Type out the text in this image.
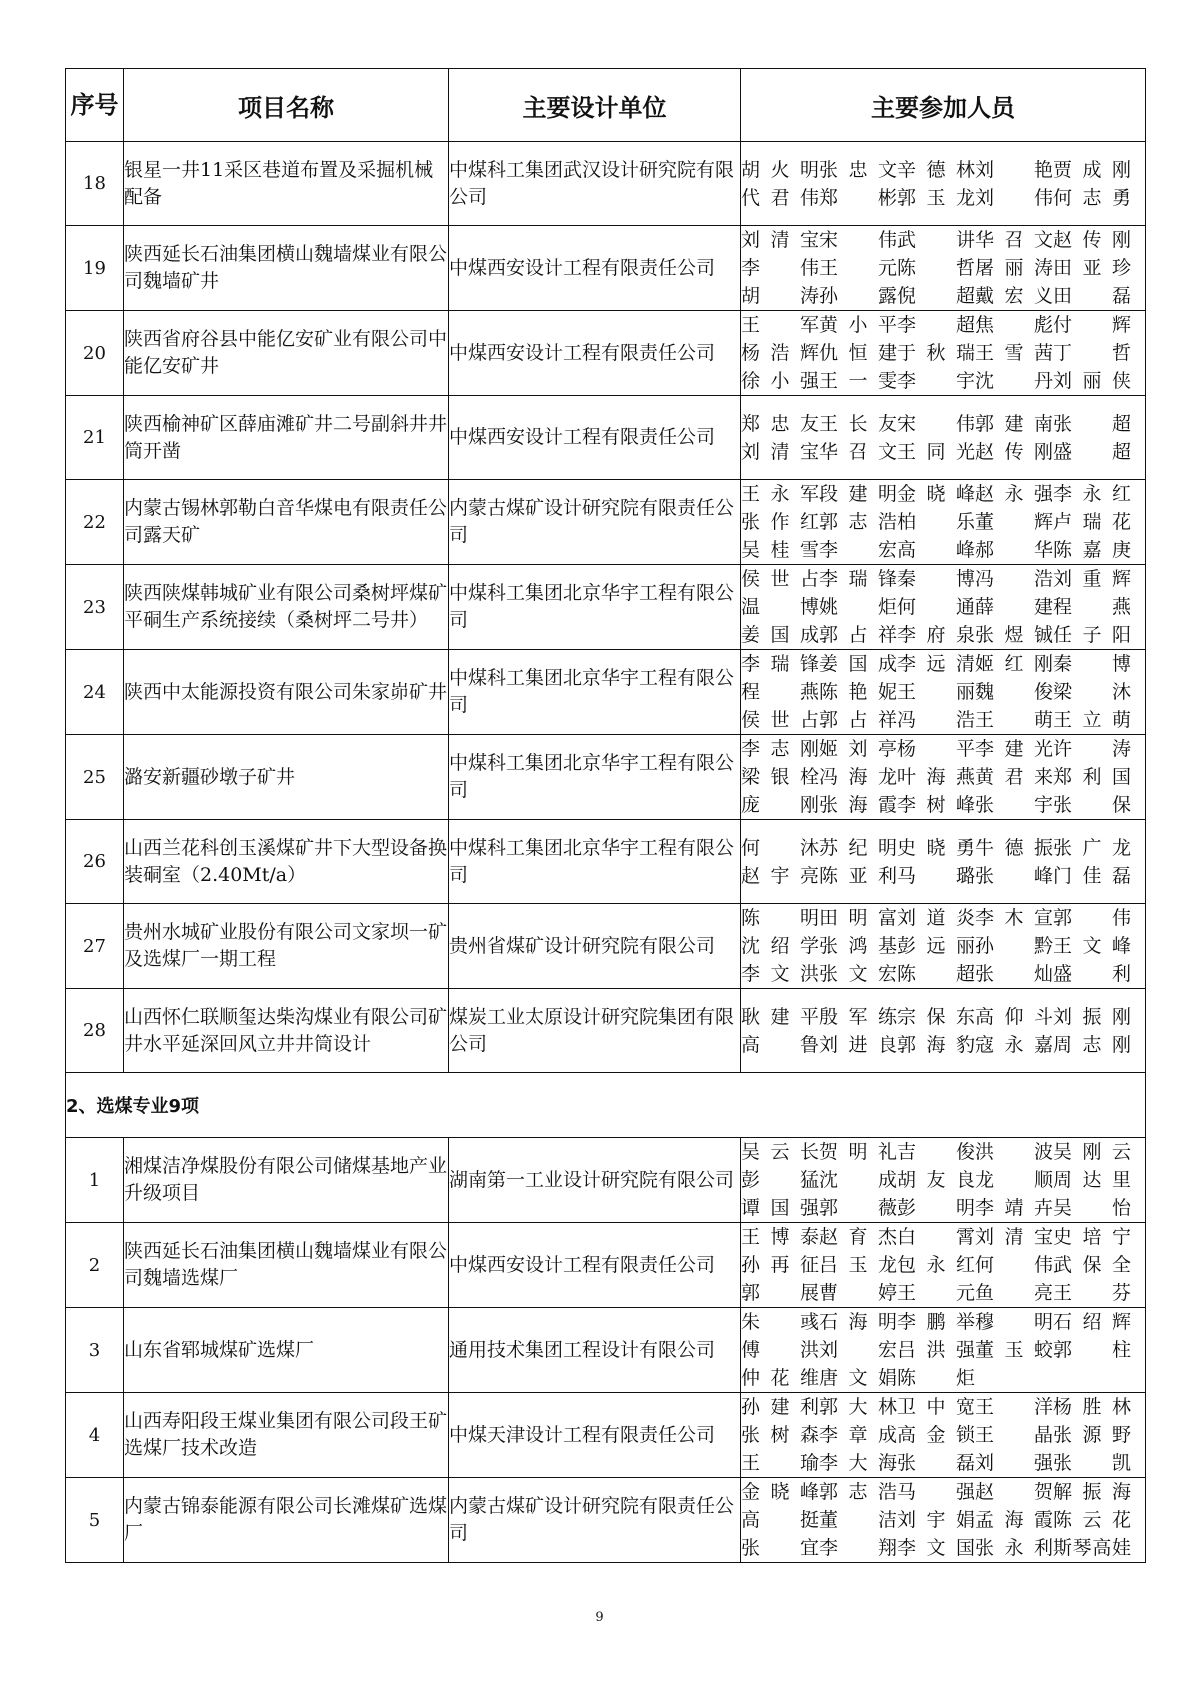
序号	项目名称	主要设计单位	主要参加人员
18	银星一井11采区巷道布置及采掘机械配备	中煤科工集团武汉设计研究院有限公司	胡火明张忠文辛德林刘艳贾成刚代君伟郑彬郭玉龙刘伟何志勇
19	陕西延长石油集团横山魏墙煤业有限公司魏墙矿井	中煤西安设计工程有限责任公司	刘清宝宋伟武讲华召文赵传刚李伟王元陈哲屠丽涛田亚珍胡涛孙露倪超戴宏义田磊
20	陕西省府谷县中能亿安矿业有限公司中能亿安矿井	中煤西安设计工程有限责任公司	王军黄小平李超焦彪付辉杨浩辉仇恒建于秋瑞王雪茜丁哲徐小强王一雯李宇沈丹刘丽侠
21	陕西榆神矿区薛庙滩矿井二号副斜井井筒开凿	中煤西安设计工程有限责任公司	郑忠友王长友宋伟郭建南张超刘清宝华召文王同光赵传刚盛超
22	内蒙古锡林郭勒白音华煤电有限责任公司露天矿	内蒙古煤矿设计研究院有限责任公司	王永军段建明金晓峰赵永强李永红张作红郭志浩柏乐董辉卢瑞花吴桂雪李宏高峰郝华陈嘉庚
23	陕西陕煤韩城矿业有限公司桑树坪煤矿平硐生产系统接续（桑树坪二号井）	中煤科工集团北京华宇工程有限公司	侯世占李瑞锋秦博冯浩刘重辉温博姚炬何通薛建程燕姜国成郭占祥李府泉张煜铖任子阳
24	陕西中太能源投资有限公司朱家峁矿井	中煤科工集团北京华宇工程有限公司	李瑞锋姜国成李远清姬红刚秦博程燕陈艳妮王丽魏俊梁沐侯世占郭占祥冯浩王萌王立萌
25	潞安新疆砂墩子矿井	中煤科工集团北京华宇工程有限公司	李志刚姬刘亭杨平李建光许涛梁银栓冯海龙叶海燕黄君来郑利国庞刚张海霞李树峰张宇张保
26	山西兰花科创玉溪煤矿井下大型设备换装硐室（2.40Mt/a）	中煤科工集团北京华宇工程有限公司	何沐苏纪明史晓勇牛德振张广龙赵宇亮陈亚利马璐张峰门佳磊
27	贵州水城矿业股份有限公司文家坝一矿及选煤厂一期工程	贵州省煤矿设计研究院有限公司	陈明田明富刘道炎李木宣郭伟沈绍学张鸿基彭远丽孙黔王文峰李文洪张文宏陈超张灿盛利
28	山西怀仁联顺玺达柴沟煤业有限公司矿井水平延深回风立井井筒设计	煤炭工业太原设计研究院集团有限公司	耿建平殷军练宗保东高仰斗刘振刚高鲁刘进良郭海豹寇永嘉周志刚
2、选煤专业9项			
1	湘煤洁净煤股份有限公司储煤基地产业升级项目	湖南第一工业设计研究院有限公司	吴云长贺明礼吉俊洪波吴刚云彭猛沈成胡友良龙顺周达里谭国强郭薇彭明李靖卉吴怡
2	陕西延长石油集团横山魏墙煤业有限公司魏墙选煤厂	中煤西安设计工程有限责任公司	王博泰赵育杰白霄刘清宝史培宁孙再征吕玉龙包永红何伟武保全郭展曹婷王元鱼亮王芬
3	山东省郓城煤矿选煤厂	通用技术集团工程设计有限公司	朱彧石海明李鹏举穆明石绍辉傅洪刘宏吕洪强董玉蛟郭柱仲花维唐文娟陈炬
4	山西寿阳段王煤业集团有限公司段王矿选煤厂技术改造	中煤天津设计工程有限责任公司	孙建利郭大林卫中宽王洋杨胜林张树森李章成高金锁王晶张源野王瑜李大海张磊刘强张凯
5	内蒙古锦泰能源有限公司长滩煤矿选煤厂	内蒙古煤矿设计研究院有限责任公司	金晓峰郭志浩马强赵贺解振海高挺董洁刘宇娟孟海霞陈云花张宜李翔李文国张永利斯琴高娃
9
